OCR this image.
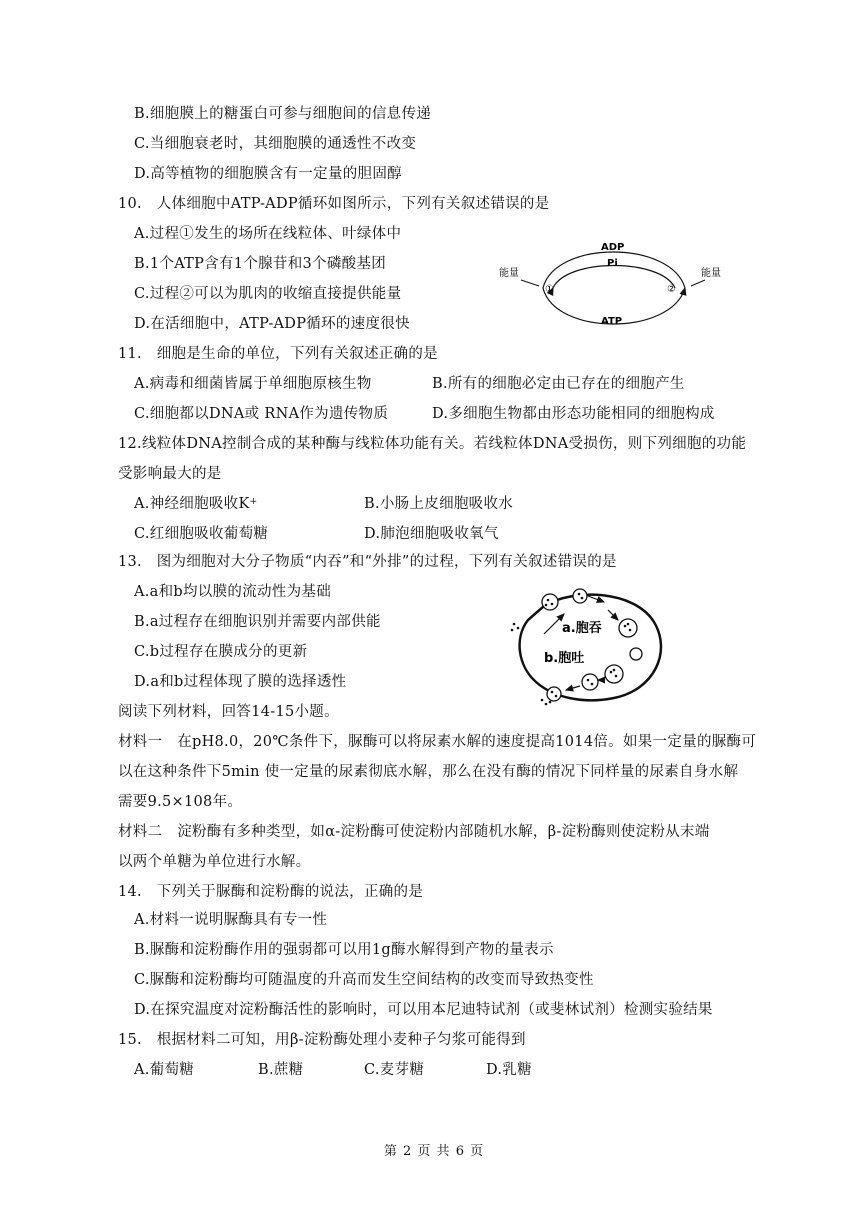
B.细胞膜上的糖蛋白可参与细胞间的信息传递
C.当细胞衰老时，其细胞膜的通透性不改变
D.高等植物的细胞膜含有一定量的胆固醇
10.　人体细胞中ATP-ADP循环如图所示，下列有关叙述错误的是
A.过程①发生的场所在线粒体、叶绿体中
B.1个ATP含有1个腺苷和3个磷酸基团
C.过程②可以为肌肉的收缩直接提供能量
D.在活细胞中，ATP-ADP循环的速度很快
ADP
Pi
ATP
能量	能量
①	②
11.　细胞是生命的单位，下列有关叙述正确的是
A.病毒和细菌皆属于单细胞原核生物	B.所有的细胞必定由已存在的细胞产生
C.细胞都以DNA或 RNA作为遗传物质	D.多细胞生物都由形态功能相同的细胞构成
12.线粒体DNA控制合成的某种酶与线粒体功能有关。若线粒体DNA受损伤，则下列细胞的功能
受影响最大的是
A.神经细胞吸收K+	B.小肠上皮细胞吸收水
C.红细胞吸收葡萄糖	D.肺泡细胞吸收氧气
13.　图为细胞对大分子物质“内吞”和“外排”的过程，下列有关叙述错误的是
A.a和b均以膜的流动性为基础
B.a过程存在细胞识别并需要内部供能
C.b过程存在膜成分的更新
D.a和b过程体现了膜的选择透性
a.胞吞
b.胞吐
阅读下列材料，回答14-15小题。
材料一　在pH8.0，20℃条件下，脲酶可以将尿素水解的速度提高1014倍。如果一定量的脲酶可
以在这种条件下5min 使一定量的尿素彻底水解，那么在没有酶的情况下同样量的尿素自身水解
需要9.5×108年。
材料二　淀粉酶有多种类型，如α-淀粉酶可使淀粉内部随机水解，β-淀粉酶则使淀粉从末端
以两个单糖为单位进行水解。
14.　下列关于脲酶和淀粉酶的说法，正确的是
A.材料一说明脲酶具有专一性
B.脲酶和淀粉酶作用的强弱都可以用1g酶水解得到产物的量表示
C.脲酶和淀粉酶均可随温度的升高而发生空间结构的改变而导致热变性
D.在探究温度对淀粉酶活性的影响时，可以用本尼迪特试剂（或斐林试剂）检测实验结果
15.　根据材料二可知，用β-淀粉酶处理小麦种子匀浆可能得到
A.葡萄糖	B.蔗糖	C.麦芽糖	D.乳糖
第 2 页 共 6 页
